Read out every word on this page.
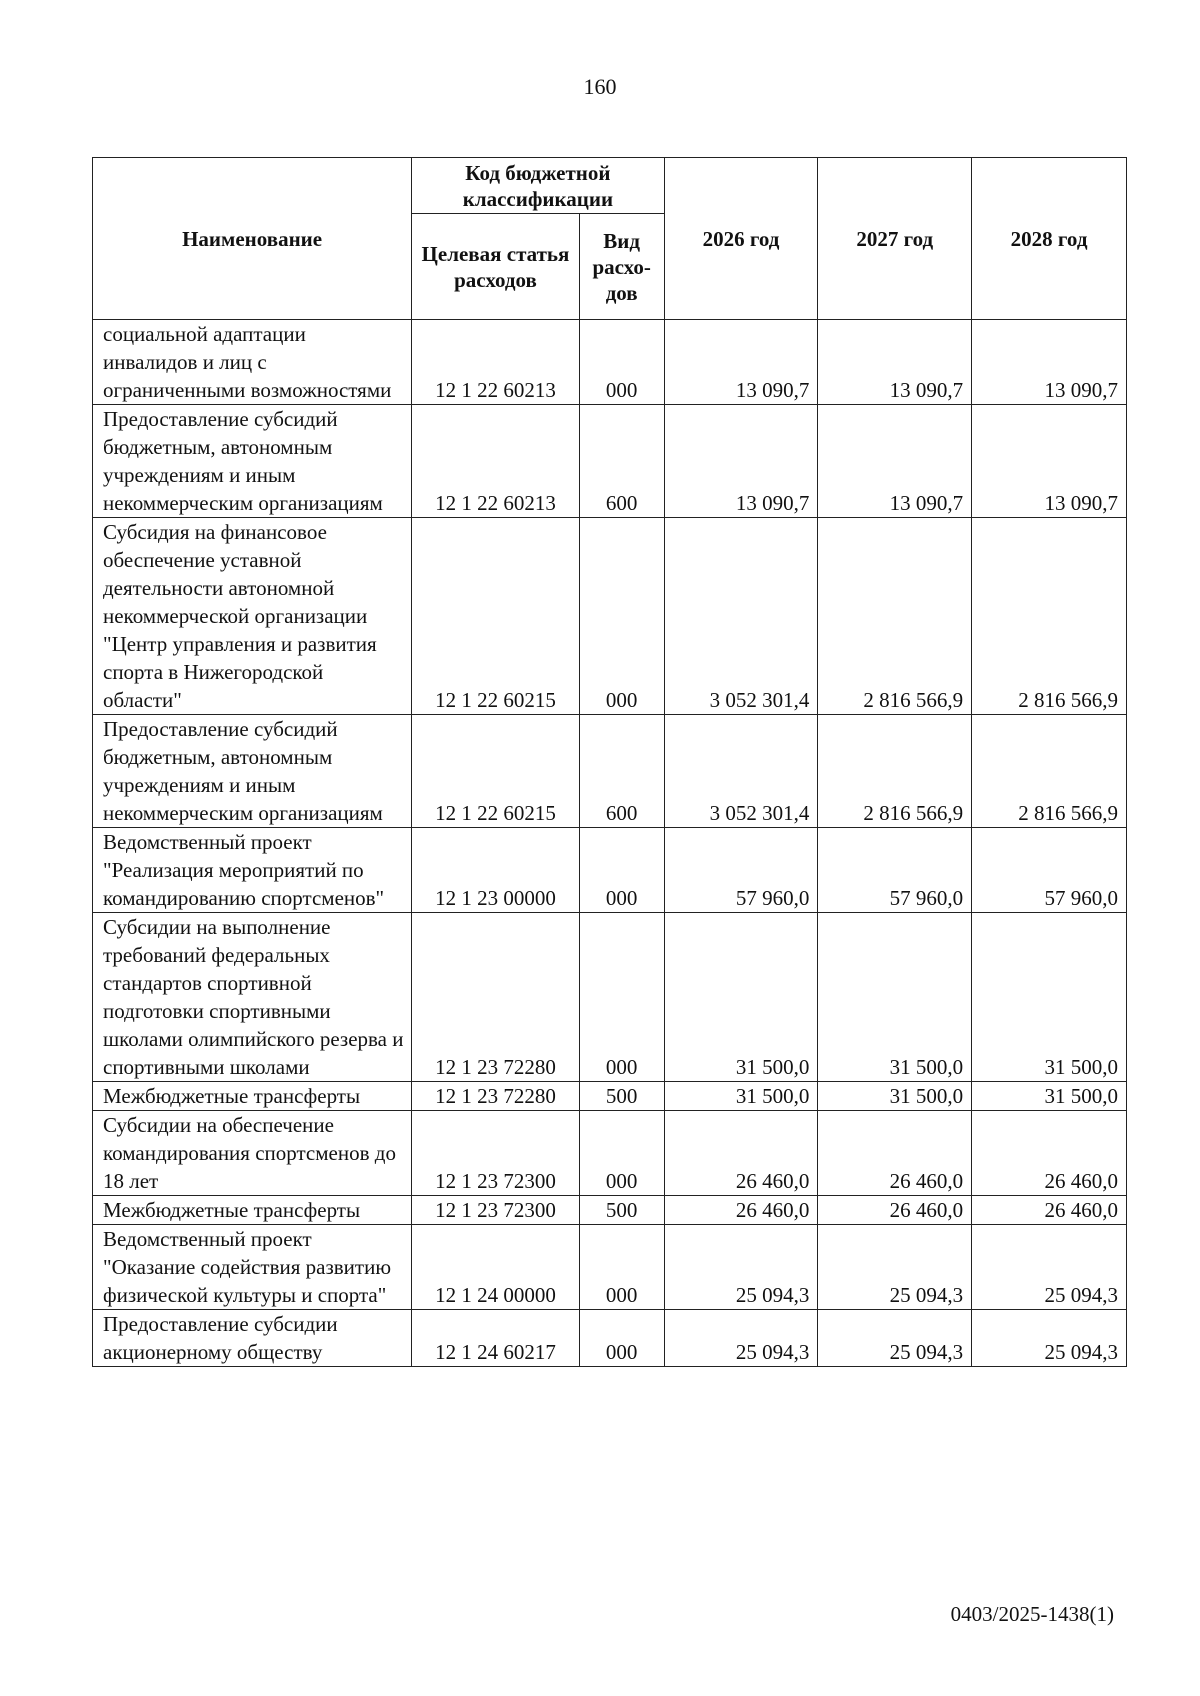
160
Наименование	Код бюджетной классификации		2026 год	2027 год	2028 год
	Целевая статья расходов	Вид расхо-дов			
социальной адаптации инвалидов и лиц с ограниченными возможностями	12 1 22 60213	000	13 090,7	13 090,7	13 090,7
Предоставление субсидий бюджетным, автономным учреждениям и иным некоммерческим организациям	12 1 22 60213	600	13 090,7	13 090,7	13 090,7
Субсидия на финансовое обеспечение уставной деятельности автономной некоммерческой организации "Центр управления и развития спорта в Нижегородской области"	12 1 22 60215	000	3 052 301,4	2 816 566,9	2 816 566,9
Предоставление субсидий бюджетным, автономным учреждениям и иным некоммерческим организациям	12 1 22 60215	600	3 052 301,4	2 816 566,9	2 816 566,9
Ведомственный проект "Реализация мероприятий по командированию спортсменов"	12 1 23 00000	000	57 960,0	57 960,0	57 960,0
Субсидии на выполнение требований федеральных стандартов спортивной подготовки спортивными школами олимпийского резерва и спортивными школами	12 1 23 72280	000	31 500,0	31 500,0	31 500,0
Межбюджетные трансферты	12 1 23 72280	500	31 500,0	31 500,0	31 500,0
Субсидии на обеспечение командирования спортсменов до 18 лет	12 1 23 72300	000	26 460,0	26 460,0	26 460,0
Межбюджетные трансферты	12 1 23 72300	500	26 460,0	26 460,0	26 460,0
Ведомственный проект "Оказание содействия развитию физической культуры и спорта"	12 1 24 00000	000	25 094,3	25 094,3	25 094,3
Предоставление субсидии акционерному обществу	12 1 24 60217	000	25 094,3	25 094,3	25 094,3
0403/2025-1438(1)
